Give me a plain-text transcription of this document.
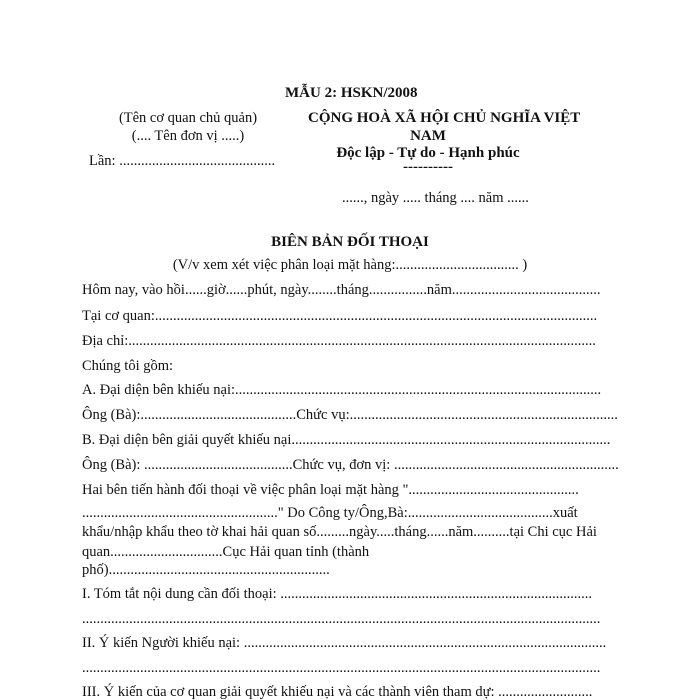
MẪU 2: HSKN/2008
(Tên cơ quan chủ quản)
(.... Tên đơn vị .....)
Lần: ...........................................
CỘNG HOÀ XÃ HỘI CHỦ NGHĨA VIỆT
NAM
Độc lập - Tự do - Hạnh phúc
----------
......, ngày ..... tháng .... năm ......
BIÊN BẢN ĐỐI THOẠI
(V/v xem xét việc phân loại mặt hàng:.................................. )
Hôm nay, vào hồi......giờ......phút, ngày........tháng................năm.........................................
Tại cơ quan:..........................................................................................................................
Địa chỉ:.................................................................................................................................
Chúng tôi gồm:
A. Đại diện bên khiếu nại:.....................................................................................................
Ông (Bà):...........................................Chức vụ:..........................................................................
B. Đại diện bên giải quyết khiếu nại........................................................................................
Ông (Bà): .........................................Chức vụ, đơn vị: ..............................................................
Hai bên tiến hành đối thoại về việc phân loại mặt hàng "...............................................
......................................................" Do Công ty/Ông,Bà:........................................xuất
khẩu/nhập khẩu theo tờ khai hải quan số.........ngày.....tháng......năm..........tại Chi cục Hải
quan...............................Cục Hải quan tỉnh (thành
phố).............................................................
I. Tóm tắt nội dung cần đối thoại: ......................................................................................
...............................................................................................................................................
II. Ý kiến Người khiếu nại: ....................................................................................................
...............................................................................................................................................
III. Ý kiến của cơ quan giải quyết khiếu nại và các thành viên tham dự: ..........................
